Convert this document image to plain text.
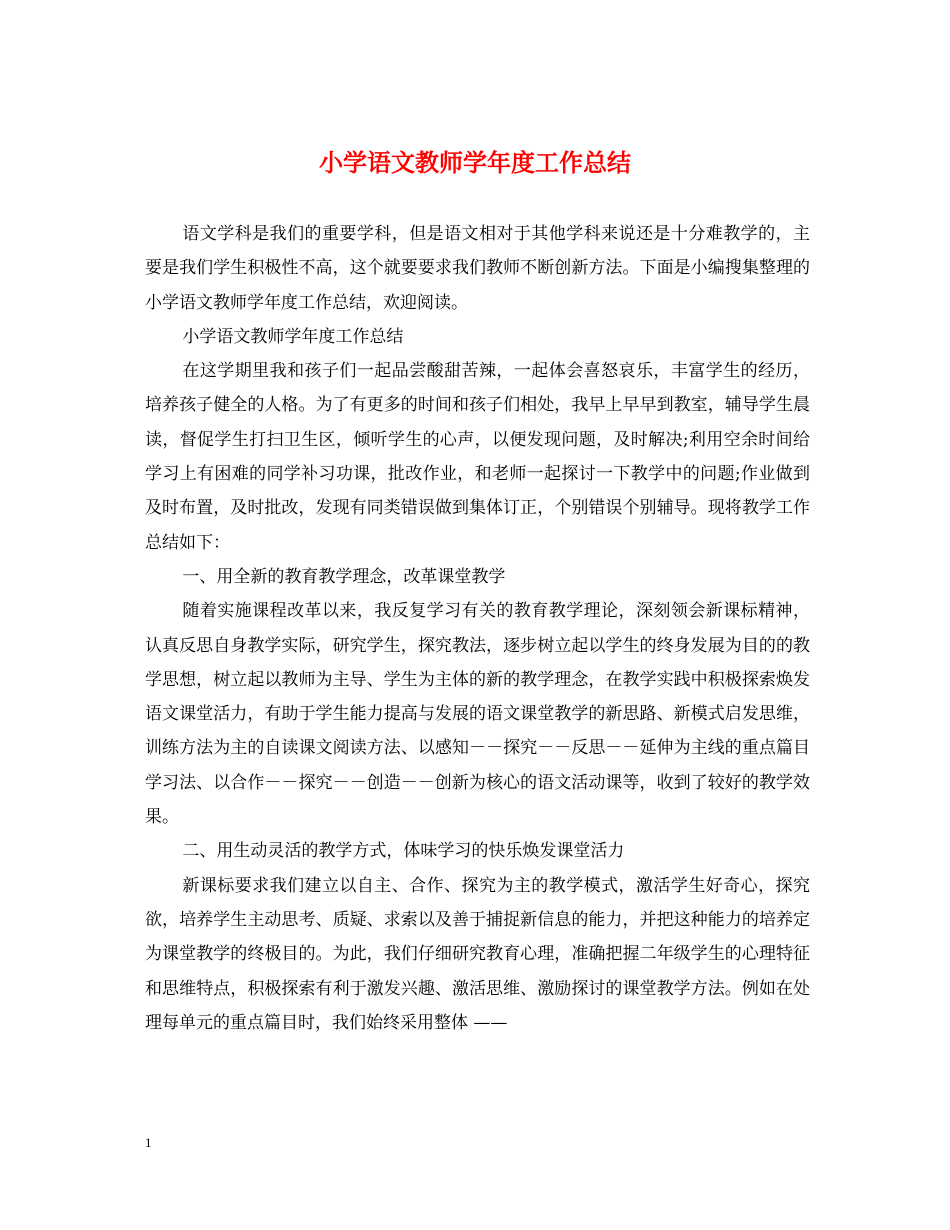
小学语文教师学年度工作总结

语文学科是我们的重要学科，但是语文相对于其他学科来说还是十分难教学的，主要是我们学生积极性不高，这个就要要求我们教师不断创新方法。下面是小编搜集整理的小学语文教师学年度工作总结，欢迎阅读。

小学语文教师学年度工作总结

在这学期里我和孩子们一起品尝酸甜苦辣，一起体会喜怒哀乐，丰富学生的经历，培养孩子健全的人格。为了有更多的时间和孩子们相处，我早上早早到教室，辅导学生晨读，督促学生打扫卫生区，倾听学生的心声，以便发现问题，及时解决;利用空余时间给学习上有困难的同学补习功课，批改作业，和老师一起探讨一下教学中的问题;作业做到及时布置，及时批改，发现有同类错误做到集体订正，个别错误个别辅导。现将教学工作总结如下：

一、用全新的教育教学理念，改革课堂教学

随着实施课程改革以来，我反复学习有关的教育教学理论，深刻领会新课标精神，认真反思自身教学实际，研究学生，探究教法，逐步树立起以学生的终身发展为目的的教学思想，树立起以教师为主导、学生为主体的新的教学理念，在教学实践中积极探索焕发语文课堂活力，有助于学生能力提高与发展的语文课堂教学的新思路、新模式启发思维，训练方法为主的自读课文阅读方法、以感知－－探究－－反思－－延伸为主线的重点篇目学习法、以合作－－探究－－创造－－创新为核心的语文活动课等，收到了较好的教学效果。

二、用生动灵活的教学方式，体味学习的快乐焕发课堂活力

新课标要求我们建立以自主、合作、探究为主的教学模式，激活学生好奇心，探究欲，培养学生主动思考、质疑、求索以及善于捕捉新信息的能力，并把这种能力的培养定为课堂教学的终极目的。为此，我们仔细研究教育心理，准确把握二年级学生的心理特征和思维特点，积极探索有利于激发兴趣、激活思维、激励探讨的课堂教学方法。例如在处理每单元的重点篇目时，我们始终采用整体 ——

1
